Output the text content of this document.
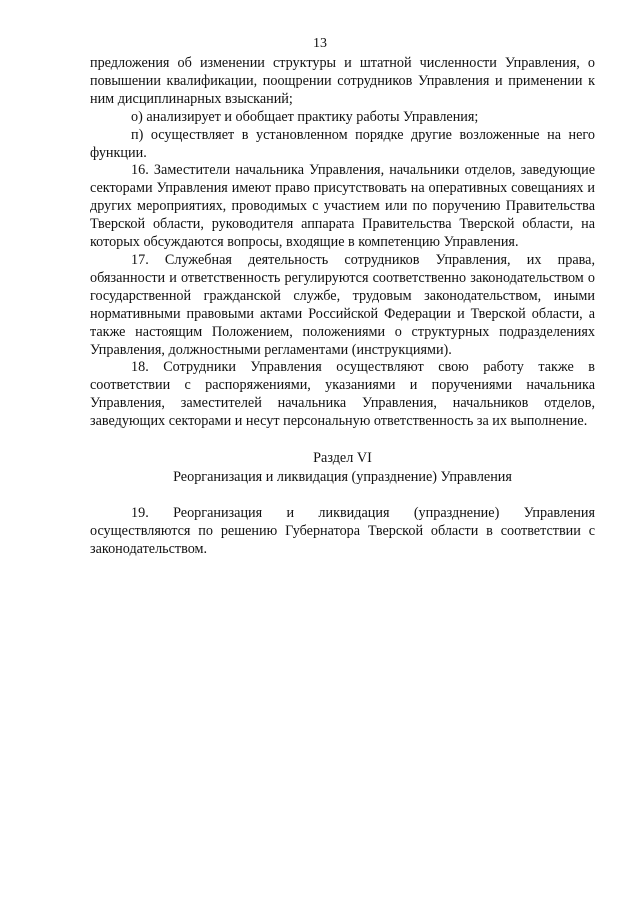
13

предложения об изменении структуры и штатной численности Управления, о повышении квалификации, поощрении сотрудников Управления и применении к ним дисциплинарных взысканий;

о) анализирует и обобщает практику работы Управления;

п) осуществляет в установленном порядке другие возложенные на него функции.

16. Заместители начальника Управления, начальники отделов, заведующие секторами Управления имеют право присутствовать на оперативных совещаниях и других мероприятиях, проводимых с участием или по поручению Правительства Тверской области, руководителя аппарата Правительства Тверской области, на которых обсуждаются вопросы, входящие в компетенцию Управления.

17. Служебная деятельность сотрудников Управления, их права, обязанности и ответственность регулируются соответственно законодательством о государственной гражданской службе, трудовым законодательством, иными нормативными правовыми актами Российской Федерации и Тверской области, а также настоящим Положением, положениями о структурных подразделениях Управления, должностными регламентами (инструкциями).

18. Сотрудники Управления осуществляют свою работу также в соответствии с распоряжениями, указаниями и поручениями начальника Управления, заместителей начальника Управления, начальников отделов, заведующих секторами и несут персональную ответственность за их выполнение.

Раздел VI
Реорганизация и ликвидация (упразднение) Управления

19. Реорганизация и ликвидация (упразднение) Управления осуществляются по решению Губернатора Тверской области в соответствии с законодательством.
